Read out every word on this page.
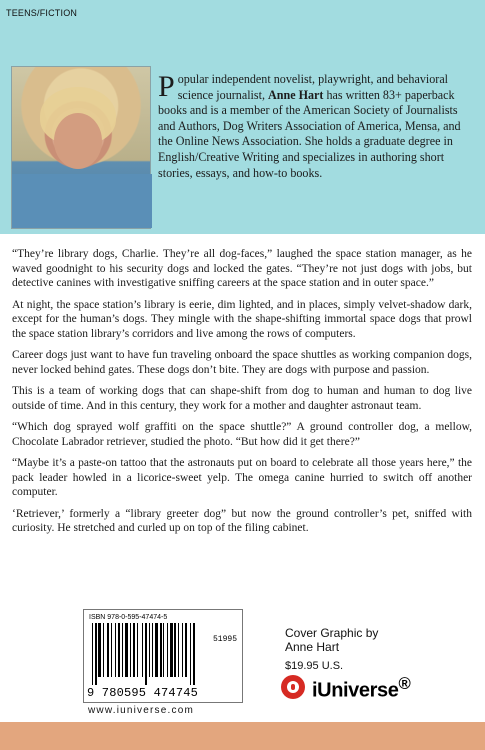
TEENS/FICTION
Popular independent novelist, playwright, and behavioral science journalist, Anne Hart has written 83+ paperback books and is a member of the American Society of Journalists and Authors, Dog Writers Association of America, Mensa, and the Online News Association. She holds a graduate degree in English/Creative Writing and specializes in authoring short stories, essays, and how-to books.

“They’re library dogs, Charlie. They’re all dog-faces,” laughed the space station manager, as he waved goodnight to his security dogs and locked the gates. “They’re not just dogs with jobs, but detective canines with investigative sniffing careers at the space station and in outer space.”

At night, the space station’s library is eerie, dim lighted, and in places, simply velvet-shadow dark, except for the human’s dogs. They mingle with the shape-shifting immortal space dogs that prowl the space station library’s corridors and live among the rows of computers.

Career dogs just want to have fun traveling onboard the space shuttles as working companion dogs, never locked behind gates. These dogs don’t bite. They are dogs with purpose and passion.

This is a team of working dogs that can shape-shift from dog to human and human to dog live outside of time. And in this century, they work for a mother and daughter astronaut team.

“Which dog sprayed wolf graffiti on the space shuttle?” A ground controller dog, a mellow, Chocolate Labrador retriever, studied the photo. “But how did it get there?”

“Maybe it’s a paste-on tattoo that the astronauts put on board to celebrate all those years here,” the pack leader howled in a licorice-sweet yelp. The omega canine hurried to switch off another computer.

‘Retriever,’ formerly a “library greeter dog” but now the ground controller’s pet, sniffed with curiosity. He stretched and curled up on top of the filing cabinet.

ISBN 978-0-595-47474-5
51995
9 780595 474745
www.iuniverse.com
Cover Graphic by
Anne Hart
$19.95 U.S.
iUniverse®
